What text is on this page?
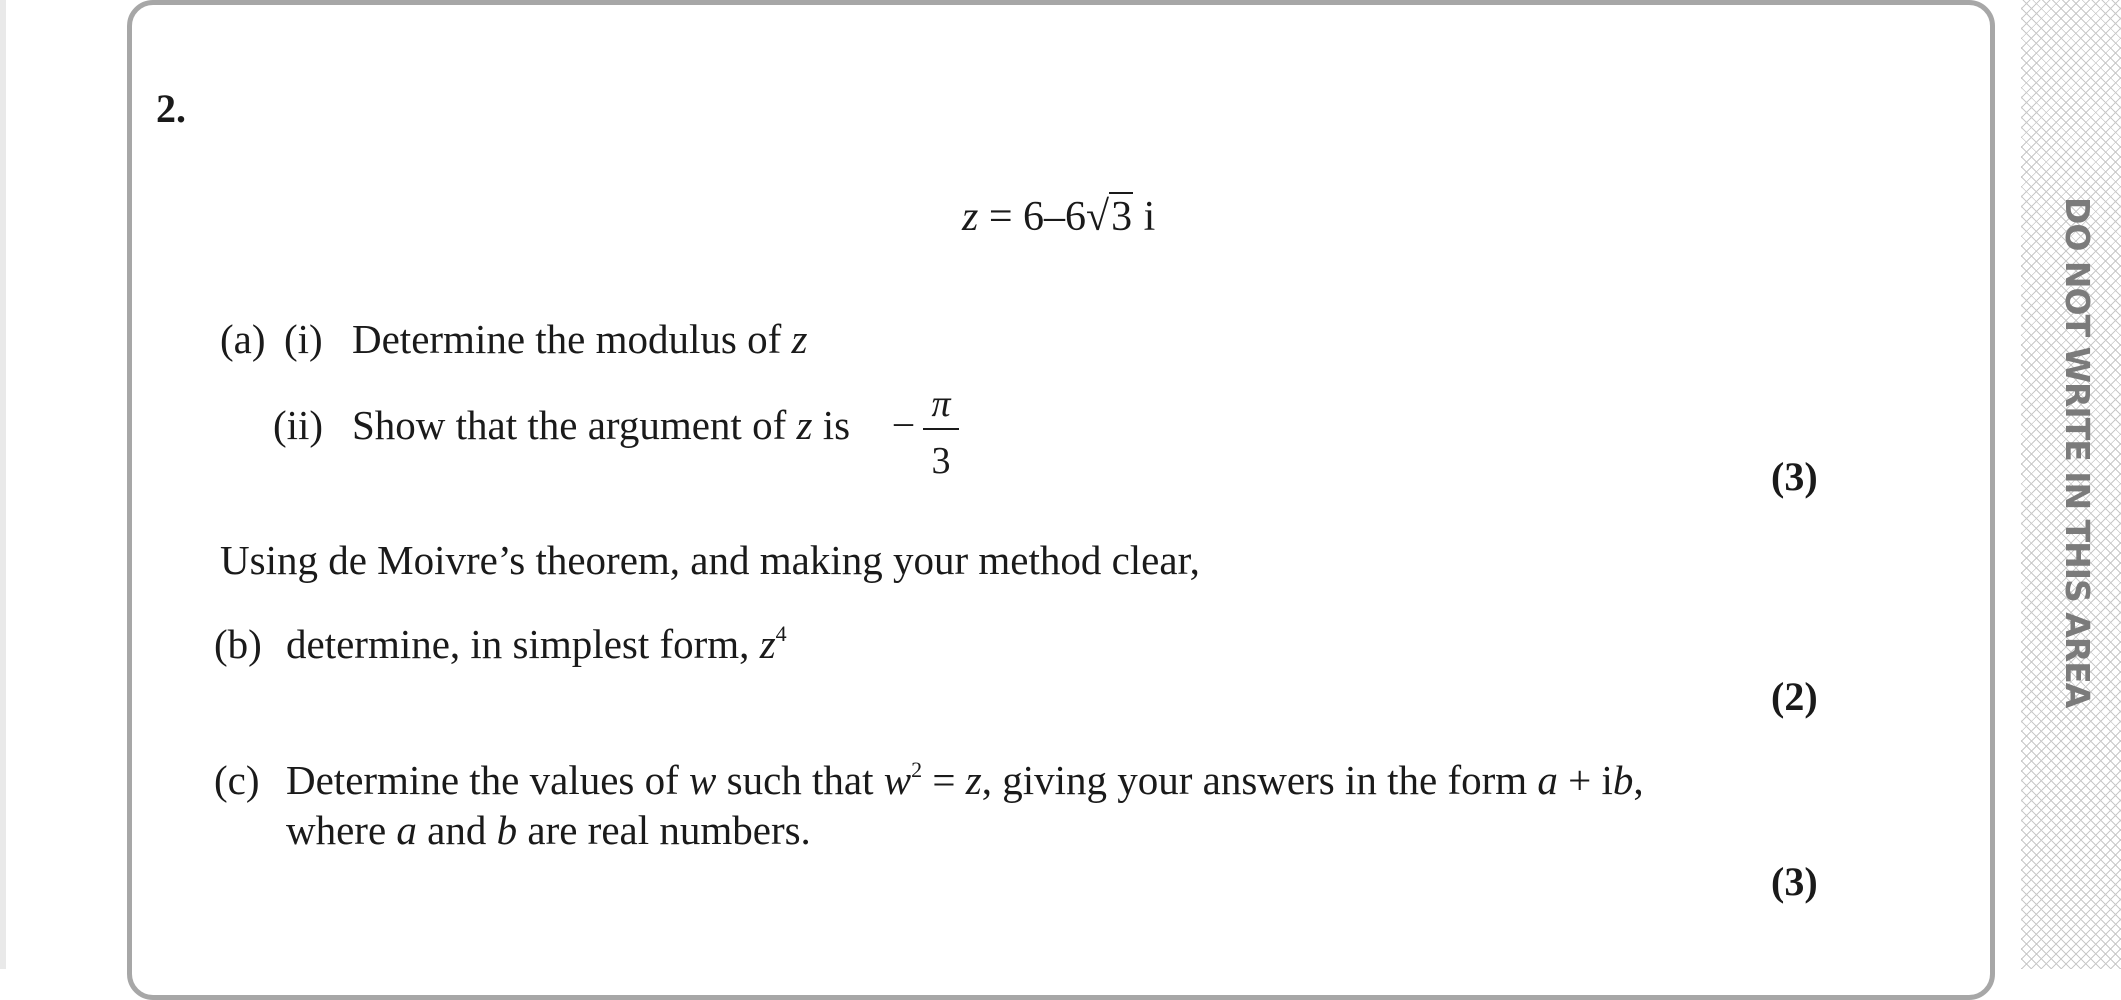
DO NOT WRITE IN THIS AREA
2.
z = 6–6√3 i
(a) (i) Determine the modulus of z
(ii) Show that the argument of z is – π
3	(3)
Using de Moivre’s theorem, and making your method clear,
(b) determine, in simplest form, $z^4$
(2)
(c) Determine the values of w such that $w^2 = z$, giving your answers in the form a + ib,
where a and b are real numbers.
(3)
